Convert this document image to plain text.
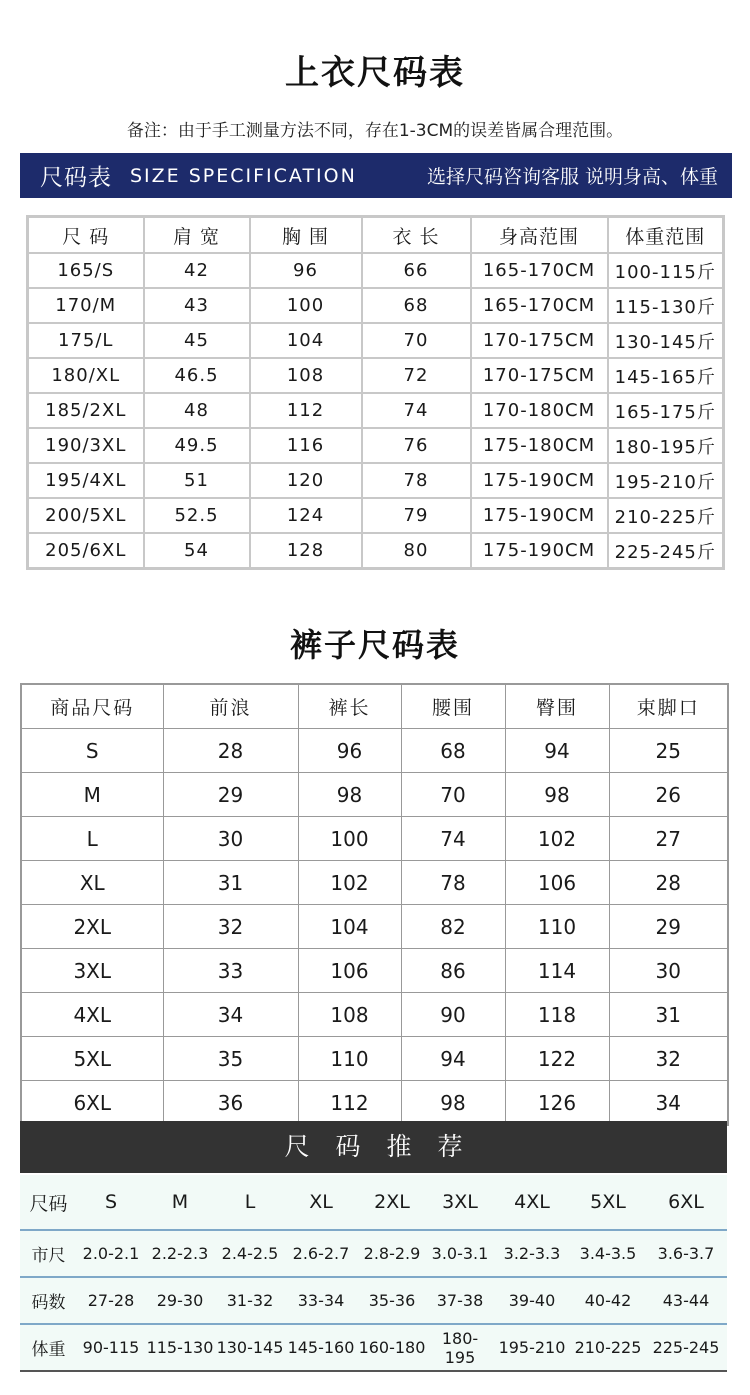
上衣尺码表
备注：由于手工测量方法不同，存在1-3CM的误差皆属合理范围。
尺码表 SIZE SPECIFICATION	选择尺码咨询客服 说明身高、体重
尺 码	肩 宽	胸 围	衣 长	身高范围	体重范围
165/S	42	96	66	165-170CM	100-115斤
170/M	43	100	68	165-170CM	115-130斤
175/L	45	104	70	170-175CM	130-145斤
180/XL	46.5	108	72	170-175CM	145-165斤
185/2XL	48	112	74	170-180CM	165-175斤
190/3XL	49.5	116	76	175-180CM	180-195斤
195/4XL	51	120	78	175-190CM	195-210斤
200/5XL	52.5	124	79	175-190CM	210-225斤
205/6XL	54	128	80	175-190CM	225-245斤
裤子尺码表
商品尺码	前浪	裤长	腰围	臀围	束脚口
S	28	96	68	94	25
M	29	98	70	98	26
L	30	100	74	102	27
XL	31	102	78	106	28
2XL	32	104	82	110	29
3XL	33	106	86	114	30
4XL	34	108	90	118	31
5XL	35	110	94	122	32
6XL	36	112	98	126	34
尺码推荐
尺码	S	M	L	XL	2XL	3XL	4XL	5XL	6XL
市尺	2.0-2.1	2.2-2.3	2.4-2.5	2.6-2.7	2.8-2.9	3.0-3.1	3.2-3.3	3.4-3.5	3.6-3.7
码数	27-28	29-30	31-32	33-34	35-36	37-38	39-40	40-42	43-44
体重	90-115	115-130	130-145	145-160	160-180	180-195	195-210	210-225	225-245
